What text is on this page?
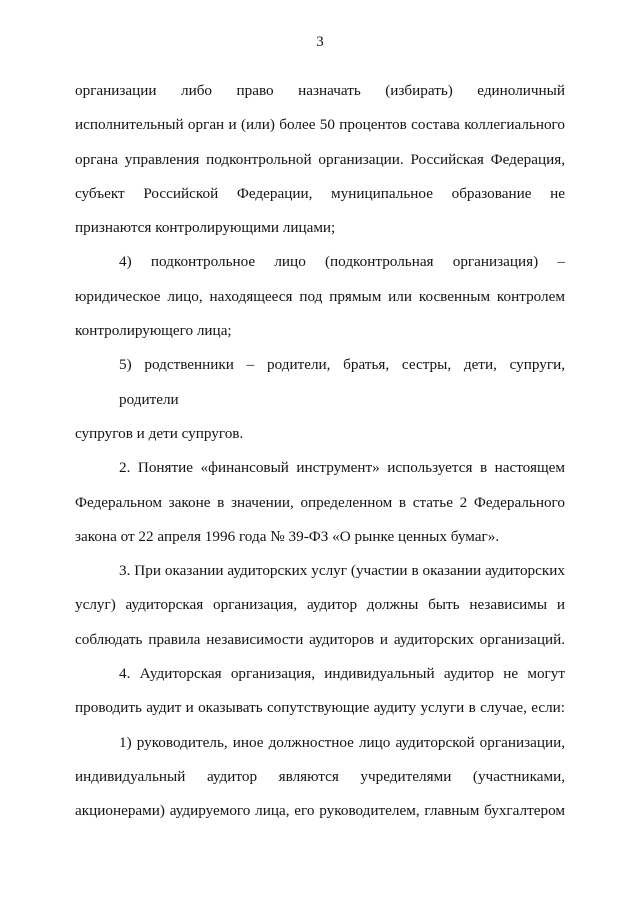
3

организации либо право назначать (избирать) единоличный
исполнительный орган и (или) более 50 процентов состава коллегиального
органа управления подконтрольной организации. Российская Федерация,
субъект Российской Федерации, муниципальное образование не
признаются контролирующими лицами;

4) подконтрольное лицо (подконтрольная организация) –
юридическое лицо, находящееся под прямым или косвенным контролем
контролирующего лица;

5) родственники – родители, братья, сестры, дети, супруги, родители
супругов и дети супругов.

2. Понятие «финансовый инструмент» используется в настоящем
Федеральном законе в значении, определенном в статье 2 Федерального
закона от 22 апреля 1996 года № 39-ФЗ «О рынке ценных бумаг».

3. При оказании аудиторских услуг (участии в оказании аудиторских
услуг) аудиторская организация, аудитор должны быть независимы и
соблюдать правила независимости аудиторов и аудиторских организаций.

4. Аудиторская организация, индивидуальный аудитор не могут
проводить аудит и оказывать сопутствующие аудиту услуги в случае, если:

1) руководитель, иное должностное лицо аудиторской организации,
индивидуальный аудитор являются учредителями (участниками,
акционерами) аудируемого лица, его руководителем, главным бухгалтером
